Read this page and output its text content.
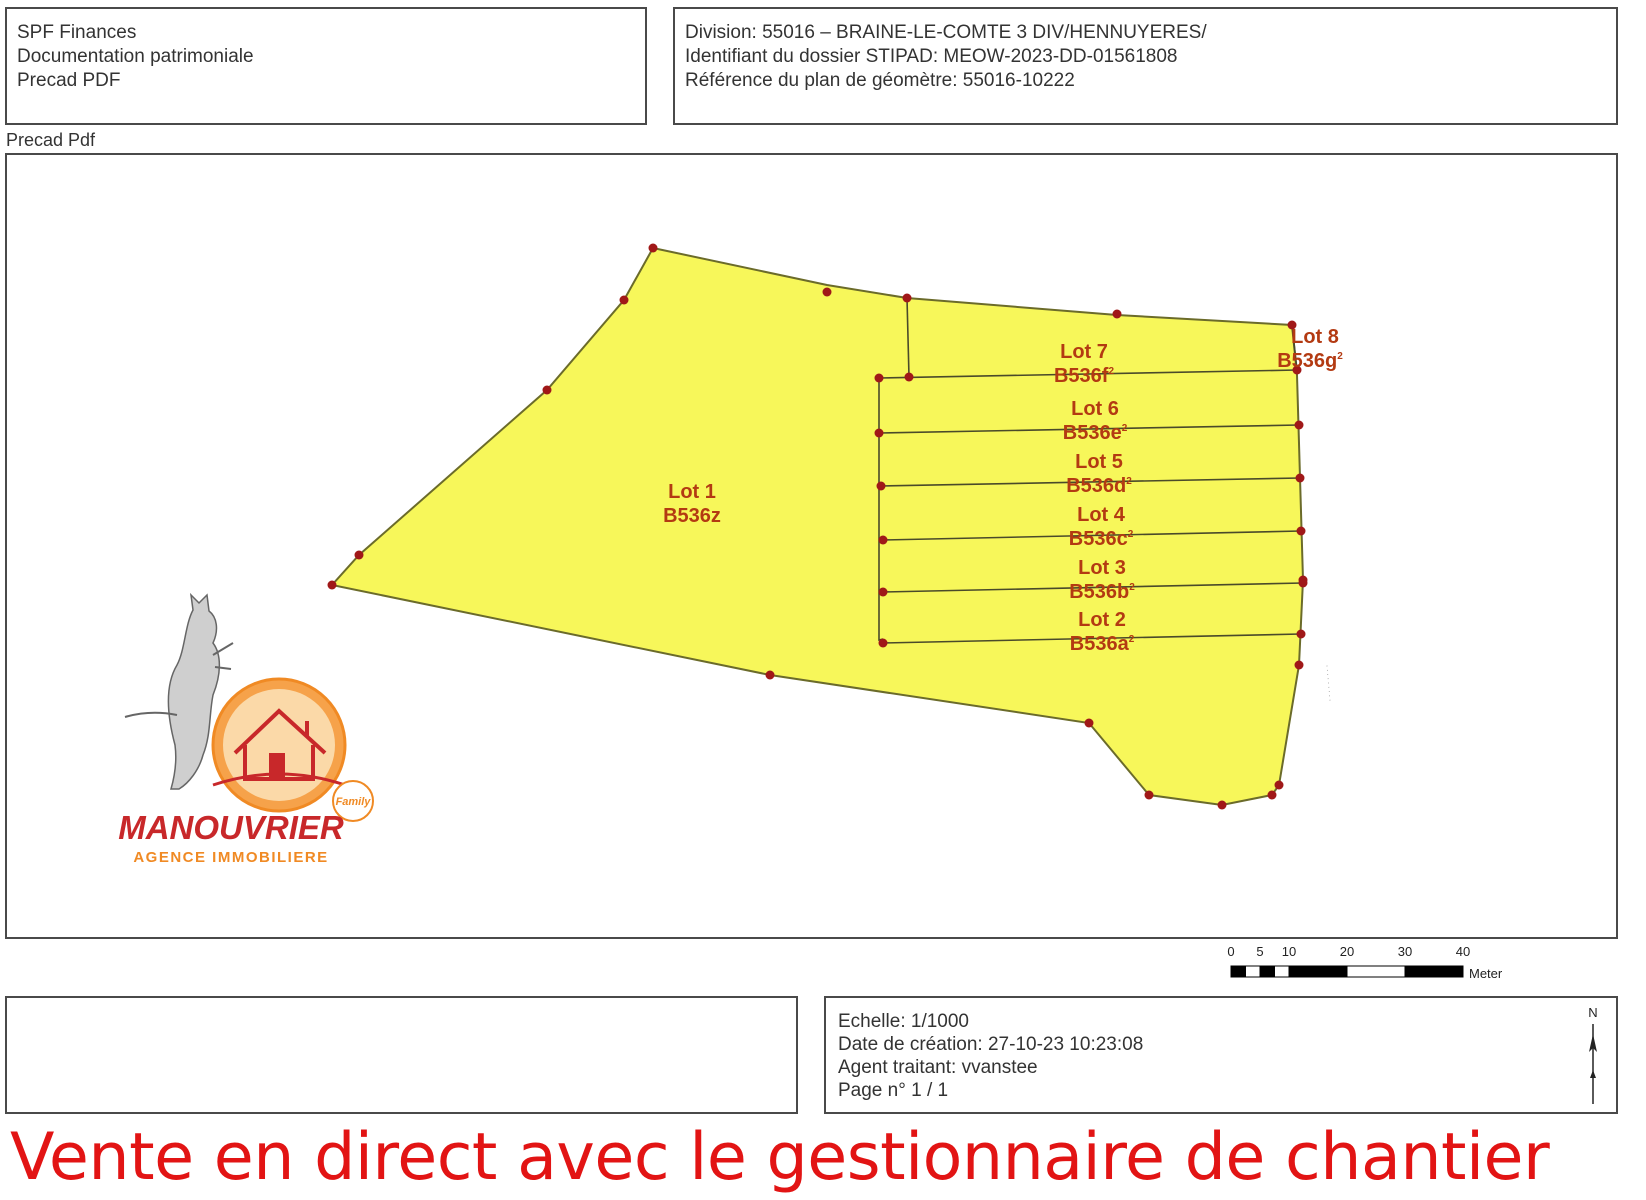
SPF Finances
Documentation patrimoniale
Precad PDF
Division: 55016 – BRAINE-LE-COMTE 3 DIV/HENNUYERES/
Identifiant du dossier STIPAD: MEOW-2023-DD-01561808
Référence du plan de géomètre: 55016-10222
Precad Pdf
· · · · · · · · ·
Lot 1
B536z
Lot 7
$B536f^2$
Lot 8
$B536g^2$
Lot 6
$B536e^2$
Lot 5
$B536d^2$
Lot 4
$B536c^2$
Lot 3
$B536b^2$
Lot 2
$B536a^2$
Family
MANOUVRIER
AGENCE IMMOBILIERE
0 5 10	20	30	40
Meter
Echelle: 1/1000
Date de création: 27-10-23 10:23:08
Agent traitant: vvanstee
Page n° 1 / 1
N
Vente en direct avec le gestionnaire de chantier
